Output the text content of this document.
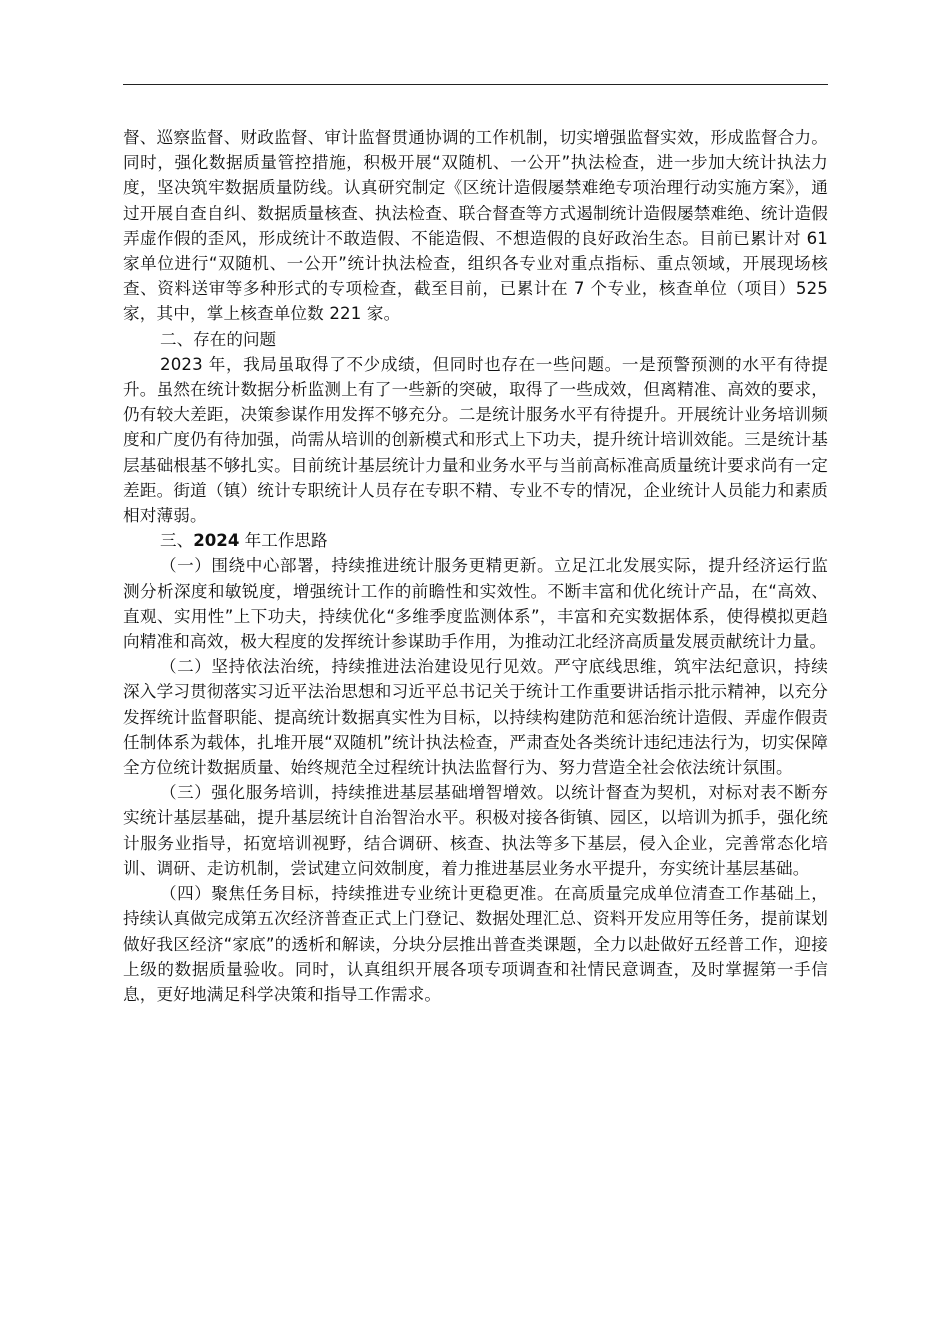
督、巡察监督、财政监督、审计监督贯通协调的工作机制，切实增强监督实效，形成监督合力。同时，强化数据质量管控措施，积极开展“双随机、一公开”执法检查，进一步加大统计执法力度，坚决筑牢数据质量防线。认真研究制定《区统计造假屡禁难绝专项治理行动实施方案》，通过开展自查自纠、数据质量核查、执法检查、联合督查等方式遏制统计造假屡禁难绝、统计造假弄虚作假的歪风，形成统计不敢造假、不能造假、不想造假的良好政治生态。目前已累计对 61 家单位进行“双随机、一公开”统计执法检查，组织各专业对重点指标、重点领域，开展现场核查、资料送审等多种形式的专项检查，截至目前，已累计在 7 个专业，核查单位（项目）525 家，其中，掌上核查单位数 221 家。

二、存在的问题

2023 年，我局虽取得了不少成绩，但同时也存在一些问题。一是预警预测的水平有待提升。虽然在统计数据分析监测上有了一些新的突破，取得了一些成效，但离精准、高效的要求，仍有较大差距，决策参谋作用发挥不够充分。二是统计服务水平有待提升。开展统计业务培训频度和广度仍有待加强，尚需从培训的创新模式和形式上下功夫，提升统计培训效能。三是统计基层基础根基不够扎实。目前统计基层统计力量和业务水平与当前高标准高质量统计要求尚有一定差距。街道（镇）统计专职统计人员存在专职不精、专业不专的情况，企业统计人员能力和素质相对薄弱。

三、2024 年工作思路

（一）围绕中心部署，持续推进统计服务更精更新。立足江北发展实际，提升经济运行监测分析深度和敏锐度，增强统计工作的前瞻性和实效性。不断丰富和优化统计产品，在“高效、直观、实用性”上下功夫，持续优化“多维季度监测体系”，丰富和充实数据体系，使得模拟更趋向精准和高效，极大程度的发挥统计参谋助手作用，为推动江北经济高质量发展贡献统计力量。

（二）坚持依法治统，持续推进法治建设见行见效。严守底线思维，筑牢法纪意识，持续深入学习贯彻落实习近平法治思想和习近平总书记关于统计工作重要讲话指示批示精神，以充分发挥统计监督职能、提高统计数据真实性为目标，以持续构建防范和惩治统计造假、弄虚作假责任制体系为载体，扎堆开展“双随机”统计执法检查，严肃查处各类统计违纪违法行为，切实保障全方位统计数据质量、始终规范全过程统计执法监督行为、努力营造全社会依法统计氛围。

（三）强化服务培训，持续推进基层基础增智增效。以统计督查为契机，对标对表不断夯实统计基层基础，提升基层统计自治智治水平。积极对接各街镇、园区，以培训为抓手，强化统计服务业指导，拓宽培训视野，结合调研、核查、执法等多下基层，侵入企业，完善常态化培训、调研、走访机制，尝试建立问效制度，着力推进基层业务水平提升，夯实统计基层基础。

（四）聚焦任务目标，持续推进专业统计更稳更准。在高质量完成单位清查工作基础上，持续认真做完成第五次经济普查正式上门登记、数据处理汇总、资料开发应用等任务，提前谋划做好我区经济“家底”的透析和解读，分块分层推出普查类课题，全力以赴做好五经普工作，迎接上级的数据质量验收。同时，认真组织开展各项专项调查和社情民意调查，及时掌握第一手信息，更好地满足科学决策和指导工作需求。
